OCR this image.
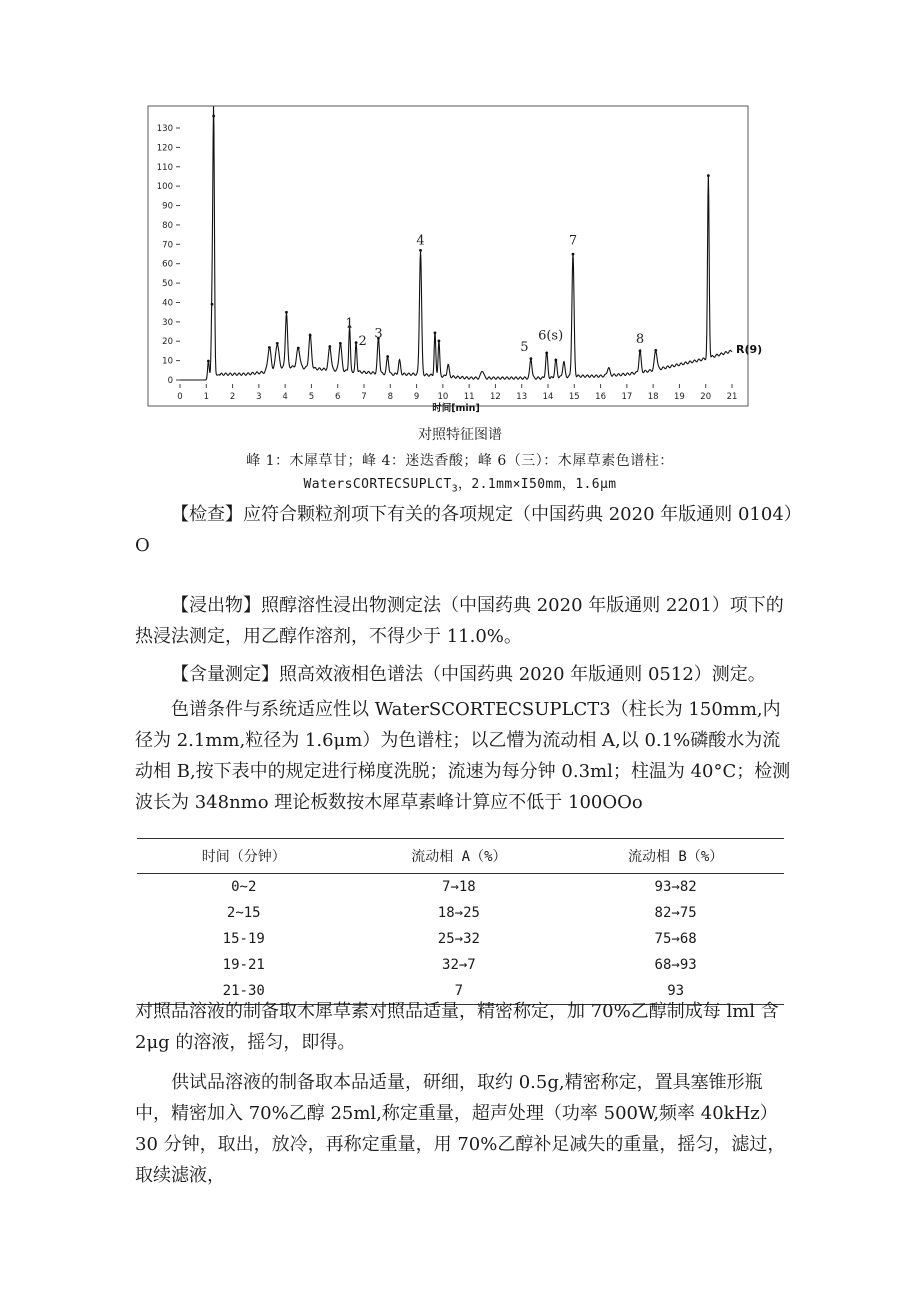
0
10
20
30
40
50
60
70
80
90
100
110
120
130
0 1 2 3 4 5 6 7 8 9 10 11 12 13 14 15 16 17 18 19 20 21
时间[min]
1
2
3
4
5
6(s)
7
8
R(9)
对照特征图谱
峰 1：木犀草甘；峰 4：迷迭香酸；峰 6（三）：木犀草素色谱柱：
WatersCORTECSUPLCT$_3$，2.1mm×I50mm，1.6μm
【检查】应符合颗粒剂项下有关的各项规定（中国药典 2020 年版通则 0104）O
【浸出物】照醇溶性浸出物测定法（中国药典 2020 年版通则 2201）项下的热浸法测定，用乙醇作溶剂，不得少于 11.0%。
【含量测定】照高效液相色谱法（中国药典 2020 年版通则 0512）测定。
色谱条件与系统适应性以 WaterSCORTECSUPLCT3（柱长为 150mm,内径为 2.1mm,粒径为 1.6μm）为色谱柱；以乙懵为流动相 A,以 0.1%磷酸水为流动相 B,按下表中的规定进行梯度洗脱；流速为每分钟 0.3ml；柱温为 40°C；检测波长为 348nmo 理论板数按木犀草素峰计算应不低于 100OOo
时间（分钟）	流动相 A（%）	流动相 B（%）
0~2	7→18	93→82
2~15	18→25	82→75
15-19	25→32	75→68
19-21	32→7	68→93
21-30	7	93
对照品溶液的制备取木犀草素对照品适量，精密称定，加 70%乙醇制成每 lml 含 2μg 的溶液，摇匀，即得。
供试品溶液的制备取本品适量，研细，取约 0.5g,精密称定，置具塞锥形瓶中，精密加入 70%乙醇 25ml,称定重量，超声处理（功率 500W,频率 40kHz）30 分钟，取出，放冷，再称定重量，用 70%乙醇补足减失的重量，摇匀，滤过，取续滤液，
